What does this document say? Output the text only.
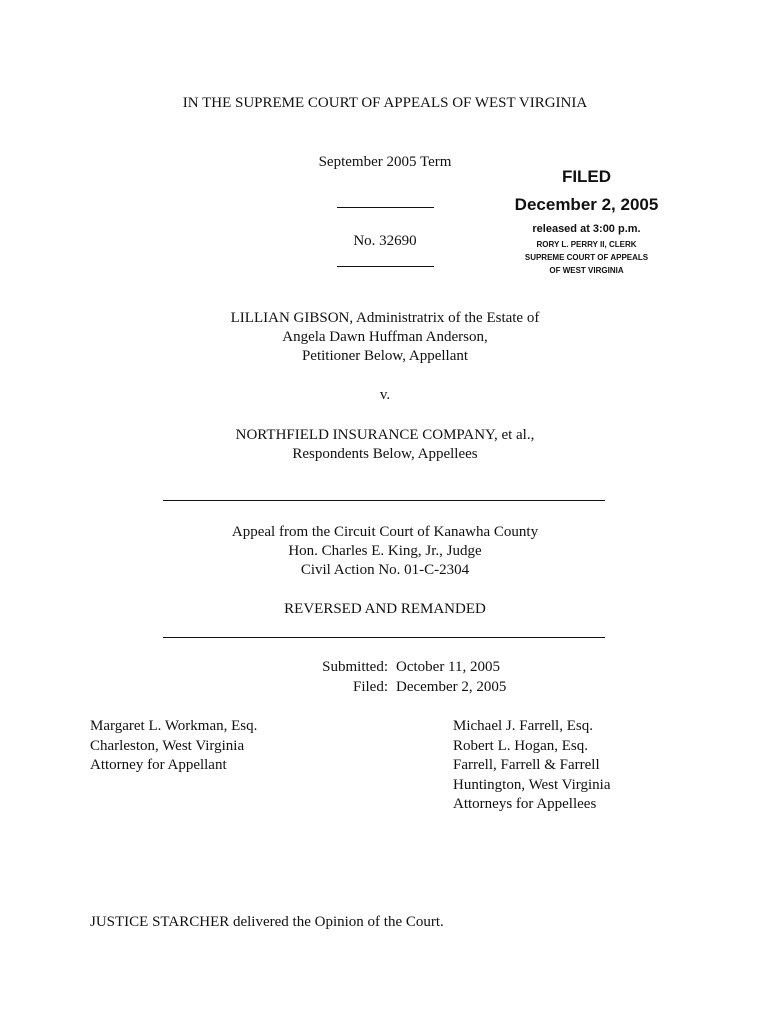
IN THE SUPREME COURT OF APPEALS OF WEST VIRGINIA
September 2005 Term
No. 32690
FILED
December 2, 2005
released at 3:00 p.m.
RORY L. PERRY II, CLERK
SUPREME COURT OF APPEALS
OF WEST VIRGINIA
LILLIAN GIBSON, Administratrix of the Estate of
Angela Dawn Huffman Anderson,
Petitioner Below, Appellant
v.
NORTHFIELD INSURANCE COMPANY, et al.,
Respondents Below, Appellees
Appeal from the Circuit Court of Kanawha County
Hon. Charles E. King, Jr., Judge
Civil Action No. 01-C-2304
REVERSED AND REMANDED
Submitted: October 11, 2005
Filed: December 2, 2005
Margaret L. Workman, Esq.
Charleston, West Virginia
Attorney for Appellant
Michael J. Farrell, Esq.
Robert L. Hogan, Esq.
Farrell, Farrell & Farrell
Huntington, West Virginia
Attorneys for Appellees
JUSTICE STARCHER delivered the Opinion of the Court.
